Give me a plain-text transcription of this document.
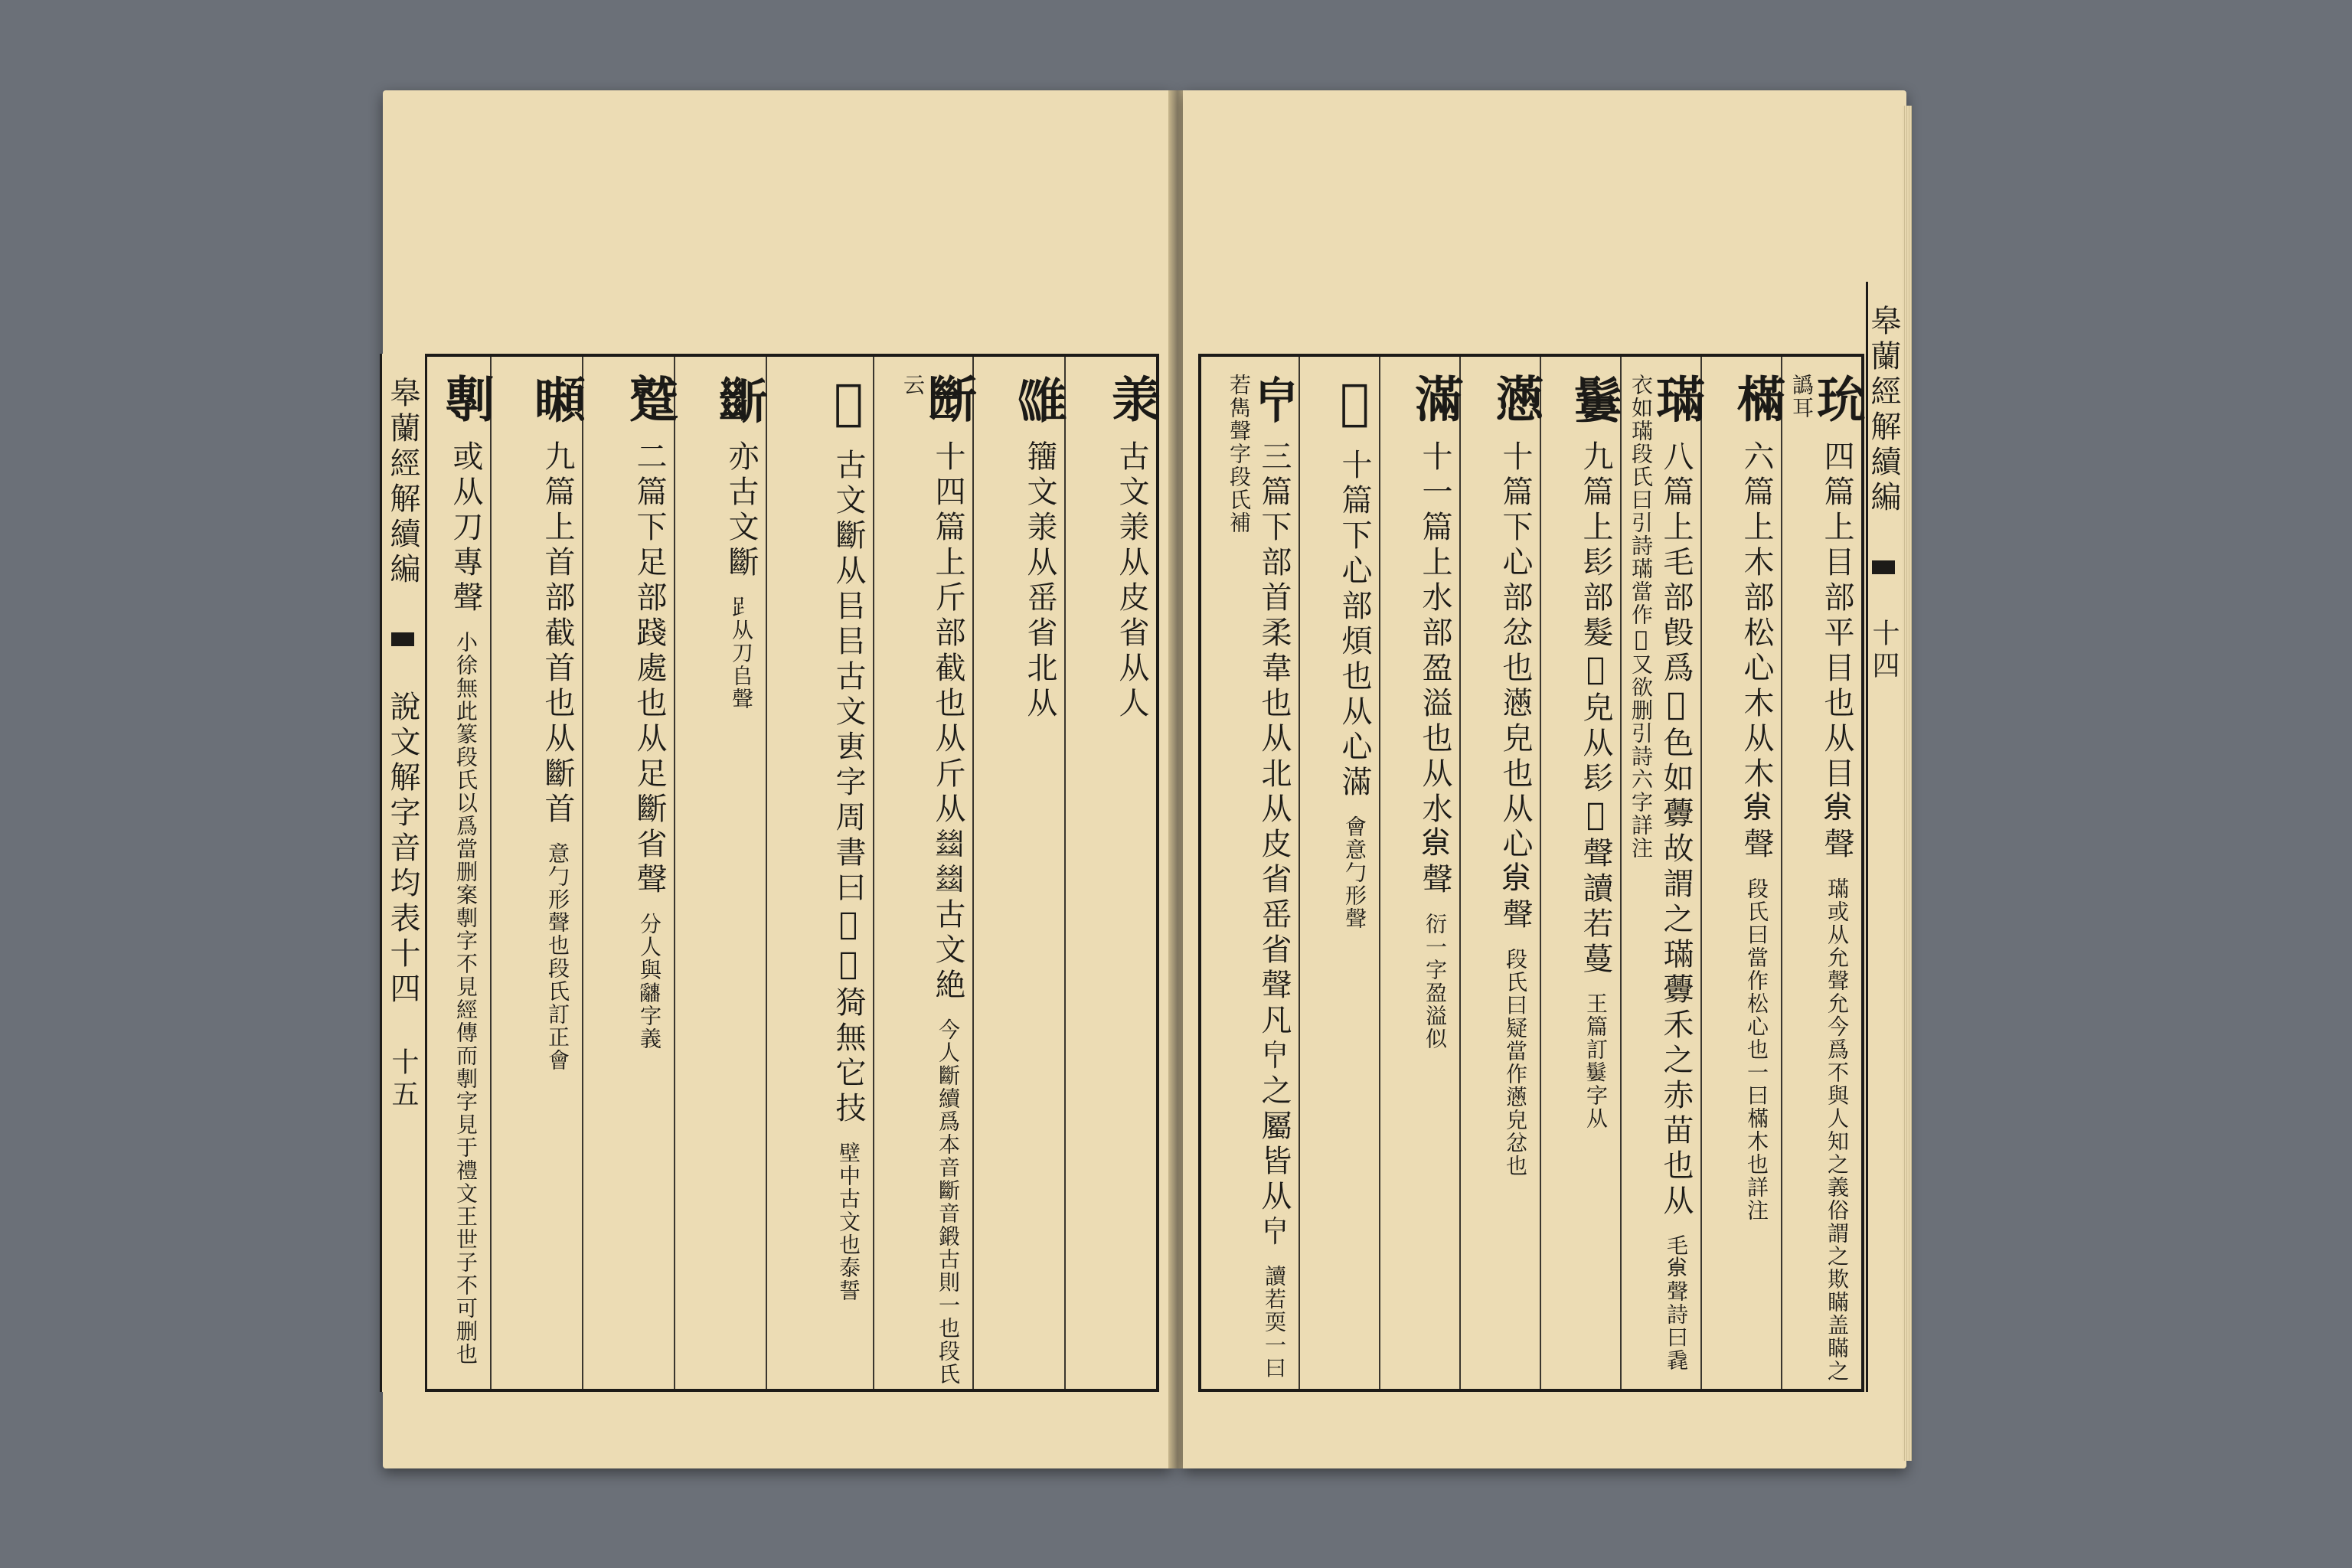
𣴎 古文𣴎从皮省从人
𡿾 籒文𣴎从䍃省北从
㫁 十四篇上斤部截也从斤从𢇍𢇍古文絶 今人斷續爲本音斷音鍛古則一也段氏云
𠢸 古文斷从㠯㠯古文叀字周書曰𠢸𠢸猗無它技 壁中古文也泰誓
𣃔 亦古文斷 𧾷从刀𠂤聲
蹵 二篇下足部踐處也从足斷省聲 分人與𤕌字義
𩔠 九篇上首部截首也从斷首 意勹形聲也段氏訂正會
剸 或从刀專聲 小徐無此篆段氏以爲當删案剸字不見經傳而剸字見于禮文王世子不可删也
皋蘭經解續編  說文解字音均表十四 十五
玧 四篇上目部平目也从目𡭴聲 璊或从允聲允今爲不與人知之義俗謂之欺瞞盖瞞之譌耳
樠 六篇上木部松心木从木𡭴聲 段氏曰當作松心也一曰樠木也詳注
璊 八篇上毛部㲃爲𦁡色如虋故謂之璊虋禾之赤苗也从 毛𡭴聲詩曰毳衣如璊段氏曰引詩璊當作𤥉又欲删引詩六字詳注
𩯁 九篇上髟部髮𩮍皃从髟𡭴聲讀若蔓 王篇訂𩯁字从
懣 十篇下心部忿也懣皃也从心𡭴聲 段氏曰疑當作懣皃忿也
滿 十一篇上水部盈溢也从水𡭴聲 衍一字盈溢似
𢝩 十篇下心部煩也从心滿 會意勹形聲
𤼽 三篇下部首柔韋也从北从皮省䍃省聲凡𤼽之屬皆从𤼽 讀若耎一曰若雋聲字段氏補	皋蘭經解續編  十四
